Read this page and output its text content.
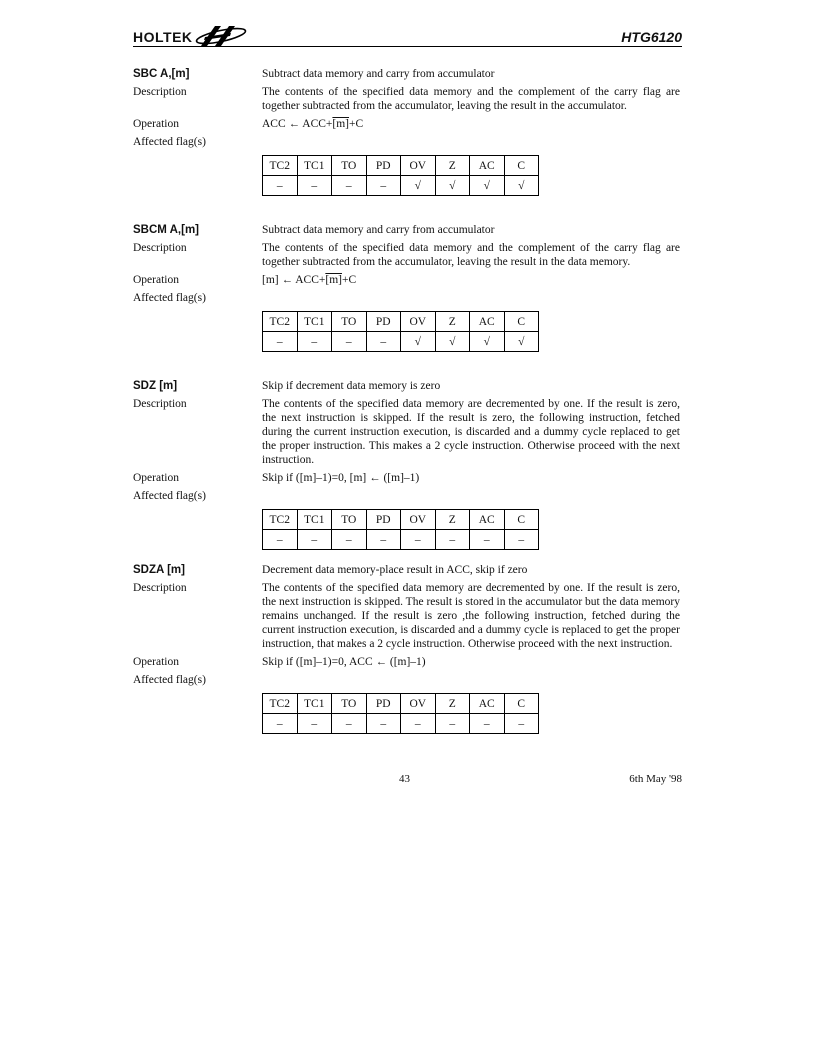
HOLTEK	HTG6120
SBC A,[m]	Subtract data memory and carry from accumulator
Description	The contents of the specified data memory and the complement of the carry flag are together subtracted from the accumulator, leaving the result in the accumulator.
Operation	ACC ← ACC+[m]+C
Affected flag(s)
TC2	TC1	TO	PD	OV	Z	AC	C
–	–	–	–	√	√	√	√
SBCM A,[m]	Subtract data memory and carry from accumulator
Description	The contents of the specified data memory and the complement of the carry flag are together subtracted from the accumulator, leaving the result in the data memory.
Operation	[m] ← ACC+[m]+C
Affected flag(s)
TC2	TC1	TO	PD	OV	Z	AC	C
–	–	–	–	√	√	√	√
SDZ [m]	Skip if decrement data memory is zero
Description	The contents of the specified data memory are decremented by one. If the result is zero, the next instruction is skipped. If the result is zero, the following instruction, fetched during the current instruction execution, is discarded and a dummy cycle replaced to get the proper instruction. This makes a 2 cycle instruction. Otherwise proceed with the next instruction.
Operation	Skip if ([m]–1)=0, [m] ← ([m]–1)
Affected flag(s)
TC2	TC1	TO	PD	OV	Z	AC	C
–	–	–	–	–	–	–	–
SDZA [m]	Decrement data memory-place result in ACC, skip if zero
Description	The contents of the specified data memory are decremented by one. If the result is zero, the next instruction is skipped. The result is stored in the accumulator but the data memory remains unchanged. If the result is zero ,the following instruction, fetched during the current instruction execution, is discarded and a dummy cycle is replaced to get the proper instruction, that makes a 2 cycle instruction. Otherwise proceed with the next instruction.
Operation	Skip if ([m]–1)=0, ACC ← ([m]–1)
Affected flag(s)
TC2	TC1	TO	PD	OV	Z	AC	C
–	–	–	–	–	–	–	–
43	6th May '98
